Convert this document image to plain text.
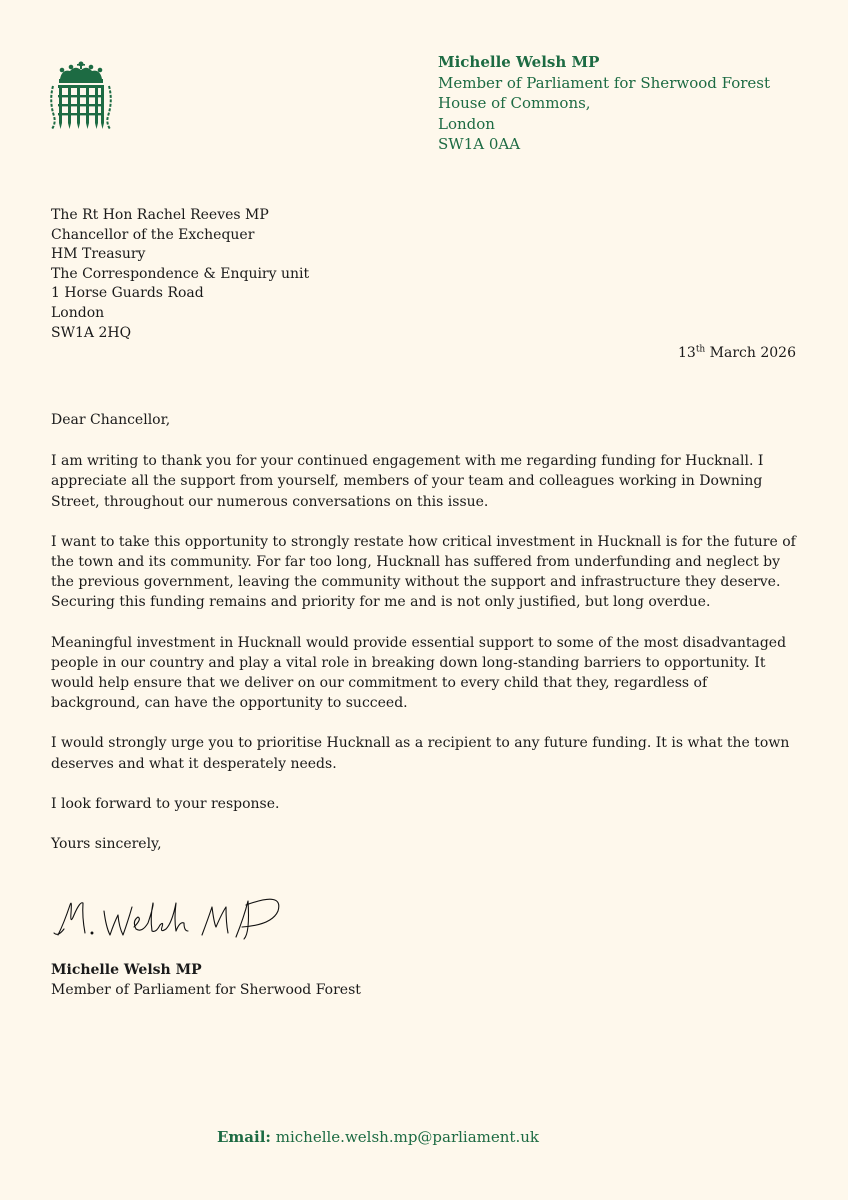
Michelle Welsh MP
Member of Parliament for Sherwood Forest
House of Commons,
London
SW1A 0AA
The Rt Hon Rachel Reeves MP
Chancellor of the Exchequer
HM Treasury
The Correspondence & Enquiry unit
1 Horse Guards Road
London
SW1A 2HQ
13th March 2026

Dear Chancellor,

I am writing to thank you for your continued engagement with me regarding funding for Hucknall. I appreciate all the support from yourself, members of your team and colleagues working in Downing Street, throughout our numerous conversations on this issue.

I want to take this opportunity to strongly restate how critical investment in Hucknall is for the future of the town and its community. For far too long, Hucknall has suffered from underfunding and neglect by the previous government, leaving the community without the support and infrastructure they deserve. Securing this funding remains and priority for me and is not only justified, but long overdue.

Meaningful investment in Hucknall would provide essential support to some of the most disadvantaged people in our country and play a vital role in breaking down long-standing barriers to opportunity. It would help ensure that we deliver on our commitment to every child that they, regardless of background, can have the opportunity to succeed.

I would strongly urge you to prioritise Hucknall as a recipient to any future funding. It is what the town deserves and what it desperately needs.

I look forward to your response.

Yours sincerely,

Michelle Welsh MP
Member of Parliament for Sherwood Forest
Email: michelle.welsh.mp@parliament.uk
